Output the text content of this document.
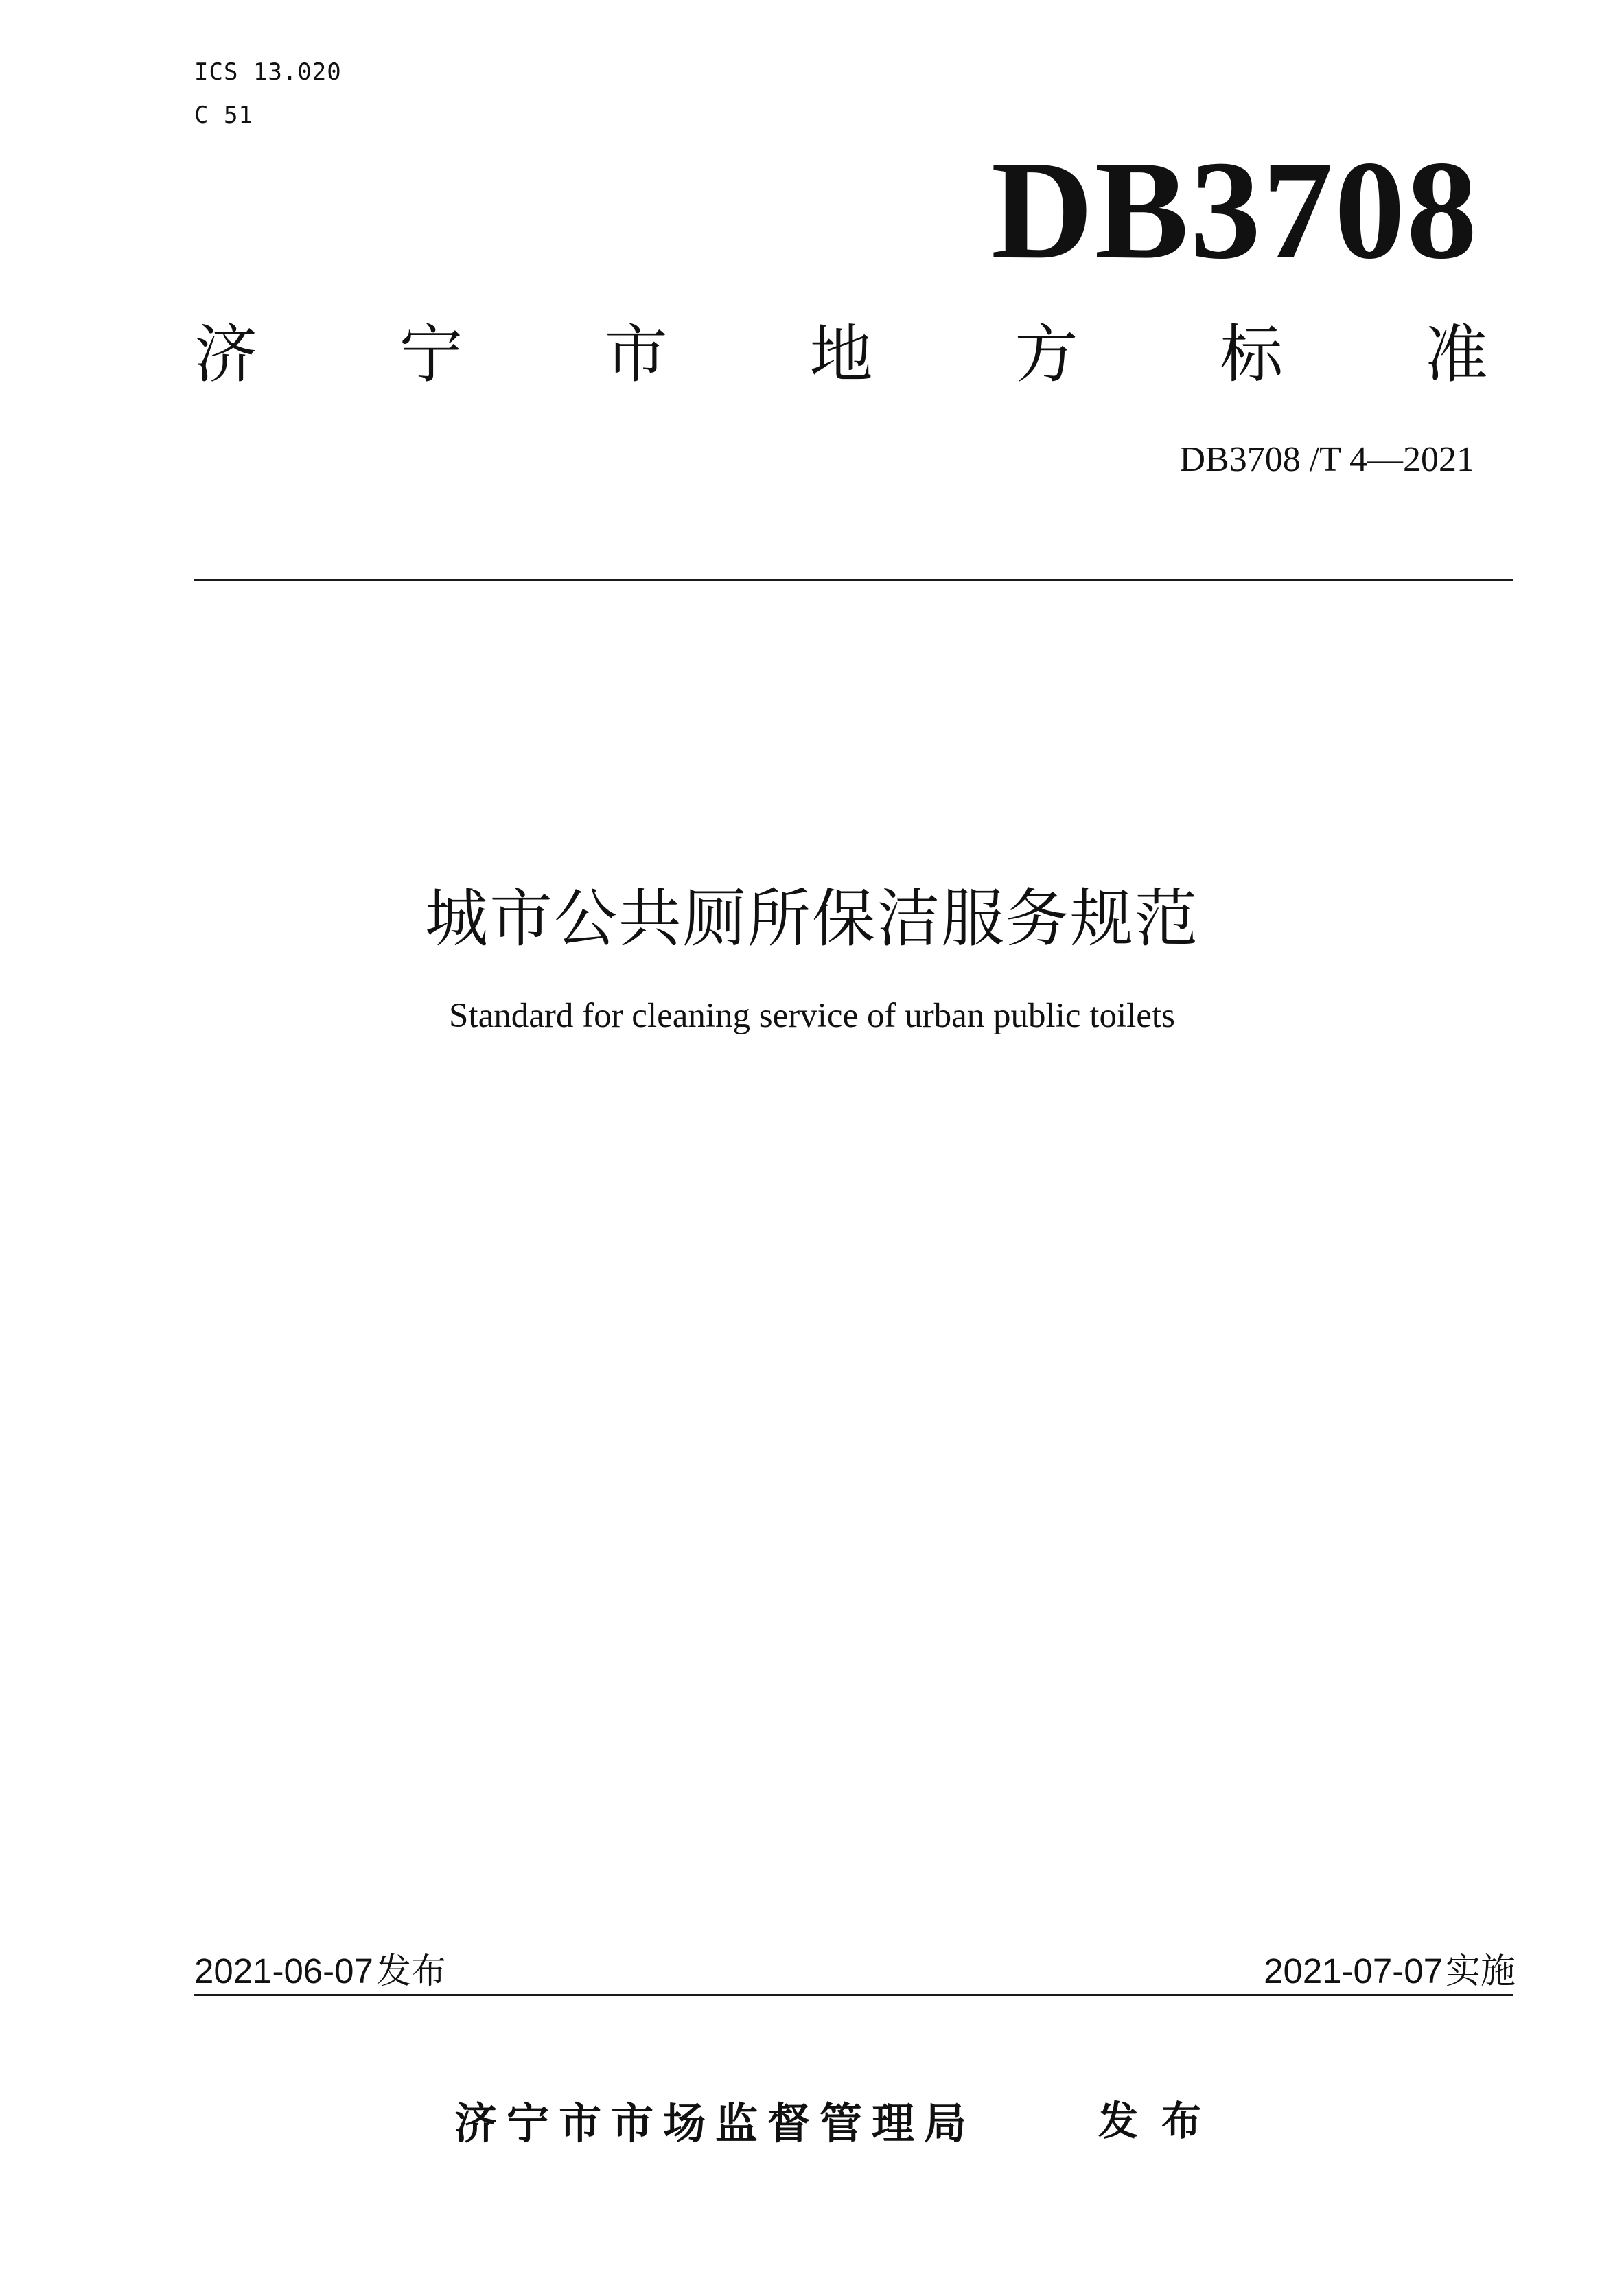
ICS 13.020
C 51
DB3708
济 宁 市 地 方 标 准
DB3708 /T 4—2021
城市公共厕所保洁服务规范
Standard for cleaning service of urban public toilets
2021-06-07发布	2021-07-07实施
济宁市市场监督管理局	发布
